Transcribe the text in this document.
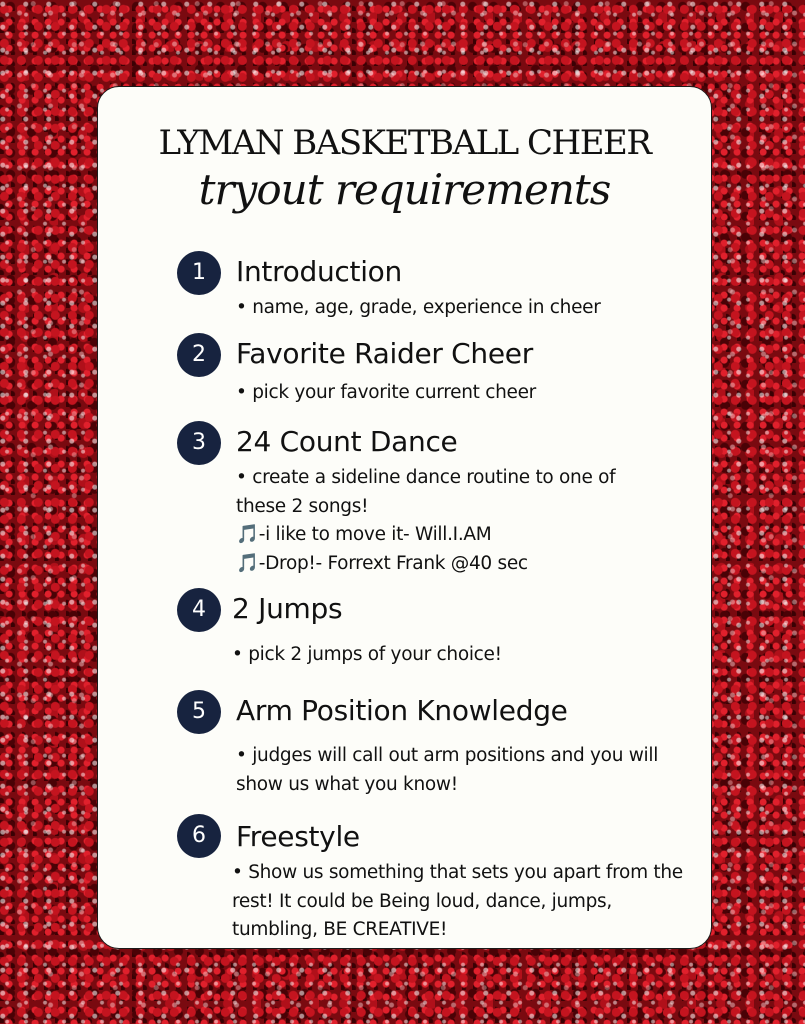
LYMAN BASKETBALL CHEER
tryout requirements
1	Introduction
• name, age, grade, experience in cheer
2	Favorite Raider Cheer
• pick your favorite current cheer
3	24 Count Dance
• create a sideline dance routine to one of
these 2 songs!
🎵-i like to move it- Will.I.AM
🎵-Drop!- Forrext Frank @40 sec
4 2 Jumps
• pick 2 jumps of your choice!
5	Arm Position Knowledge
• judges will call out arm positions and you will
show us what you know!
6	Freestyle
• Show us something that sets you apart from the
rest! It could be Being loud, dance, jumps,
tumbling, BE CREATIVE!
